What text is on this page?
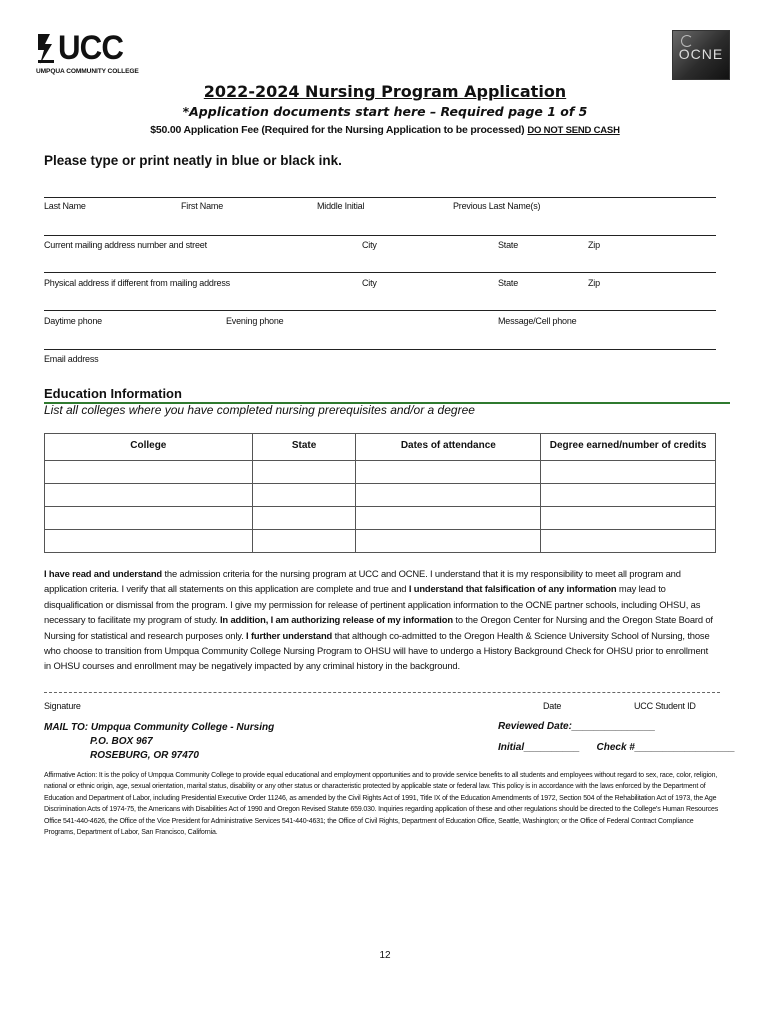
UCC
UMPQUA COMMUNITY COLLEGE
OCNE
2022-2024 Nursing Program Application
*Application documents start here – Required page 1 of 5
$50.00 Application Fee (Required for the Nursing Application to be processed) DO NOT SEND CASH
Please type or print neatly in blue or black ink.
Last Name	First Name	Middle Initial	Previous Last Name(s)
Current mailing address number and street	City	State	Zip
Physical address if different from mailing address	City	State	Zip
Daytime phone	Evening phone	Message/Cell phone
Email address
Education Information
List all colleges where you have completed nursing prerequisites and/or a degree
College	State	Dates of attendance	Degree earned/number of credits

I have read and understand the admission criteria for the nursing program at UCC and OCNE. I understand that it is my responsibility to meet all program and application criteria. I verify that all statements on this application are complete and true and I understand that falsification of any information may lead to disqualification or dismissal from the program. I give my permission for release of pertinent application information to the OCNE partner schools, including OHSU, as necessary to facilitate my program of study. In addition, I am authorizing release of my information to the Oregon Center for Nursing and the Oregon State Board of Nursing for statistical and research purposes only. I further understand that although co-admitted to the Oregon Health & Science University School of Nursing, those who choose to transition from Umpqua Community College Nursing Program to OHSU will have to undergo a History Background Check for OHSU prior to enrollment in OHSU courses and enrollment may be negatively impacted by any criminal history in the background.
Signature	Date	UCC Student ID
MAIL TO: Umpqua Community College - Nursing
P.O. BOX 967
ROSEBURG, OR 97470
Reviewed Date:_______________
Initial__________ Check #__________________
Affirmative Action: It is the policy of Umpqua Community College to provide equal educational and employment opportunities and to provide service benefits to all students and employees without regard to sex, race, color, religion, national or ethnic origin, age, sexual orientation, marital status, disability or any other status or characteristic protected by applicable state or federal law. This policy is in accordance with the laws enforced by the Department of Education and Department of Labor, including Presidential Executive Order 11246, as amended by the Civil Rights Act of 1991, Title IX of the Education Amendments of 1972, Section 504 of the Rehabilitation Act of 1973, the Age Discrimination Acts of 1974-75, the Americans with Disabilities Act of 1990 and Oregon Revised Statute 659.030. Inquiries regarding application of these and other regulations should be directed to the College's Human Resources Office 541-440-4626, the Office of the Vice President for Administrative Services 541-440-4631; the Office of Civil Rights, Department of Education Office, Seattle, Washington; or the Office of Federal Contract Compliance Programs, Department of Labor, San Francisco, California.
12
